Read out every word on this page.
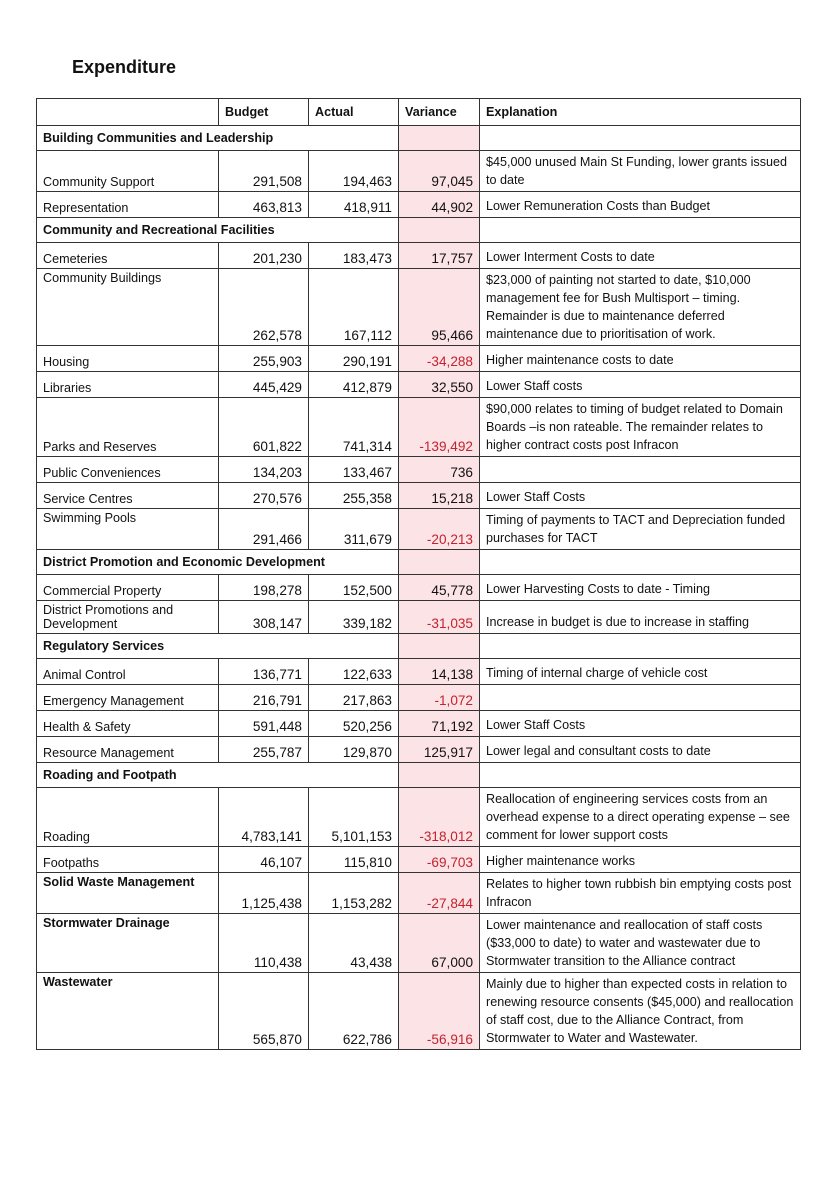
Expenditure
	Budget	Actual	Variance	Explanation
Building Communities and Leadership				
Community Support	291,508	194,463	97,045	$45,000 unused Main St Funding, lower grants issued to date
Representation	463,813	418,911	44,902	Lower Remuneration Costs than Budget
Community and Recreational Facilities				
Cemeteries	201,230	183,473	17,757	Lower Interment Costs to date
Community Buildings	262,578	167,112	95,466	$23,000 of painting not started to date, $10,000 management fee for Bush Multisport – timing. Remainder is due to maintenance deferred maintenance due to prioritisation of work.
Housing	255,903	290,191	-34,288	Higher maintenance costs to date
Libraries	445,429	412,879	32,550	Lower Staff costs
Parks and Reserves	601,822	741,314	-139,492	$90,000 relates to timing of budget related to Domain Boards –is non rateable. The remainder relates to higher contract costs post Infracon
Public Conveniences	134,203	133,467	736	
Service Centres	270,576	255,358	15,218	Lower Staff Costs
Swimming Pools	291,466	311,679	-20,213	Timing of payments to TACT and Depreciation funded purchases for TACT
District Promotion and Economic Development				
Commercial Property	198,278	152,500	45,778	Lower Harvesting Costs to date - Timing
District Promotions and Development	308,147	339,182	-31,035	Increase in budget is due to increase in staffing
Regulatory Services				
Animal Control	136,771	122,633	14,138	Timing of internal charge of vehicle cost
Emergency Management	216,791	217,863	-1,072	
Health & Safety	591,448	520,256	71,192	Lower Staff Costs
Resource Management	255,787	129,870	125,917	Lower legal and consultant costs to date
Roading and Footpath				
Roading	4,783,141	5,101,153	-318,012	Reallocation of engineering services costs from an overhead expense to a direct operating expense – see comment for lower support costs
Footpaths	46,107	115,810	-69,703	Higher maintenance works
Solid Waste Management	1,125,438	1,153,282	-27,844	Relates to higher town rubbish bin emptying costs post Infracon
Stormwater Drainage	110,438	43,438	67,000	Lower maintenance and reallocation of staff costs ($33,000 to date) to water and wastewater due to Stormwater transition to the Alliance contract
Wastewater	565,870	622,786	-56,916	Mainly due to higher than expected costs in relation to renewing resource consents ($45,000) and reallocation of staff cost, due to the Alliance Contract, from Stormwater to Water and Wastewater.
